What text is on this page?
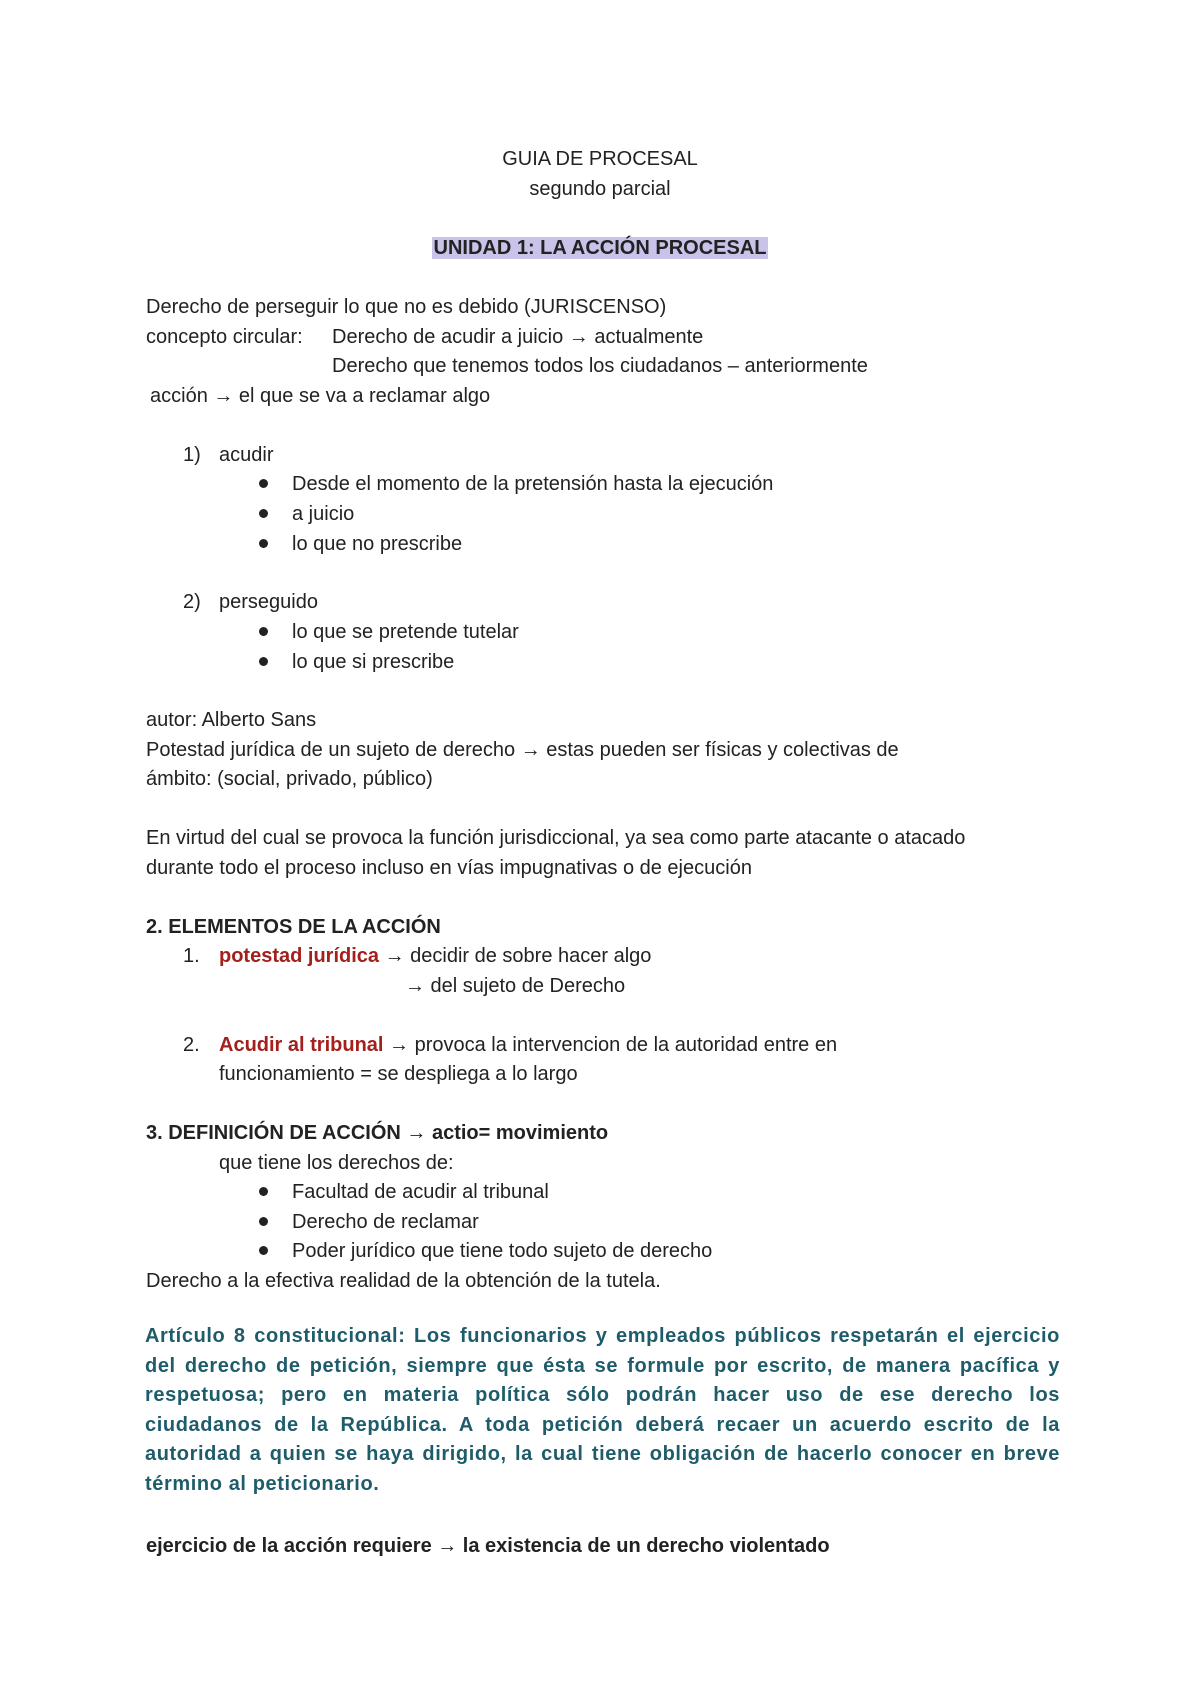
GUIA DE PROCESAL
segundo parcial
UNIDAD 1: LA ACCIÓN PROCESAL
Derecho de perseguir lo que no es debido (JURISCENSO)
concepto circular: Derecho de acudir a juicio → actualmente
Derecho que tenemos todos los ciudadanos – anteriormente
acción → el que se va a reclamar algo
1) acudir
Desde el momento de la pretensión hasta la ejecución
a juicio
lo que no prescribe
2) perseguido
lo que se pretende tutelar
lo que si prescribe
autor: Alberto Sans
Potestad jurídica de un sujeto de derecho → estas pueden ser físicas y colectivas de
ámbito: (social, privado, público)
En virtud del cual se provoca la función jurisdiccional, ya sea como parte atacante o atacado
durante todo el proceso incluso en vías impugnativas o de ejecución
2. ELEMENTOS DE LA ACCIÓN
1. potestad jurídica → decidir de sobre hacer algo
→ del sujeto de Derecho
2. Acudir al tribunal → provoca la intervencion de la autoridad entre en
funcionamiento = se despliega a lo largo
3. DEFINICIÓN DE ACCIÓN → actio= movimiento
que tiene los derechos de:
Facultad de acudir al tribunal
Derecho de reclamar
Poder jurídico que tiene todo sujeto de derecho
Derecho a la efectiva realidad de la obtención de la tutela.
Artículo 8 constitucional: Los funcionarios y empleados públicos respetarán el ejercicio del derecho de petición, siempre que ésta se formule por escrito, de manera pacífica y respetuosa; pero en materia política sólo podrán hacer uso de ese derecho los ciudadanos de la República. A toda petición deberá recaer un acuerdo escrito de la autoridad a quien se haya dirigido, la cual tiene obligación de hacerlo conocer en breve término al peticionario.
ejercicio de la acción requiere → la existencia de un derecho violentado
